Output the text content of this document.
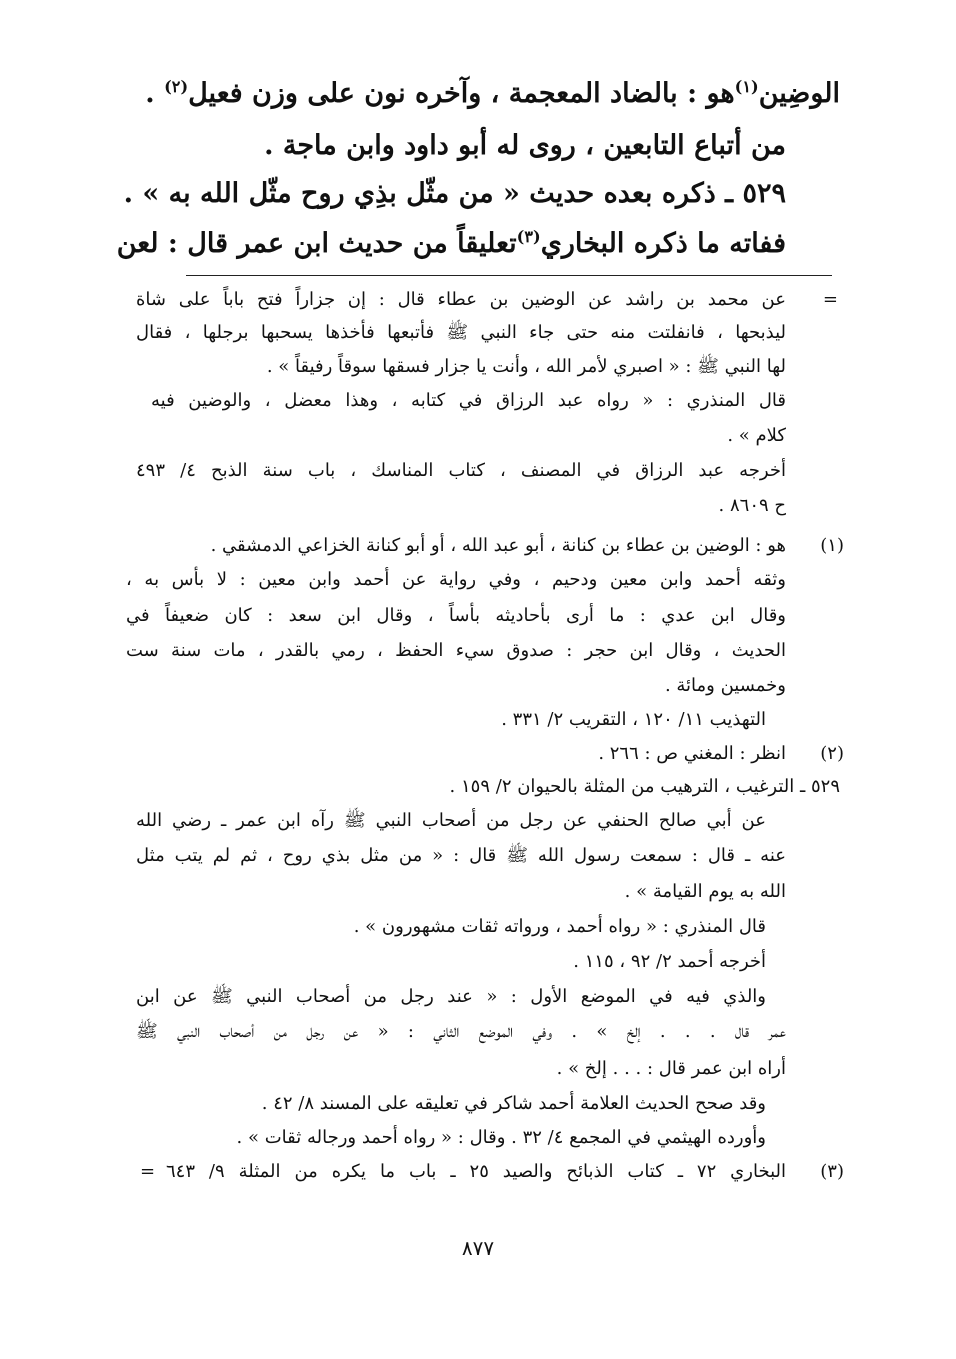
الوضِين$^{(١)}$هو : بالضاد المعجمة ، وآخره نون على وزن فعيل$^{(٢)}$ .
من أتباع التابعين ، روى له أبو داود وابن ماجة .
٥٢٩ ـ ذكره بعده حديث « من مثّل بذِي روح مثّل الله به » .
ففاته ما ذكره البخاري$^{(٣)}$تعليقاً من حديث ابن عمر قال : لعن
=
عن محمد بن راشد عن الوضين بن عطاء قال : إن جزاراً فتح باباً على شاة
ليذبحها ، فانفلتت منه حتى جاء النبي ﷺ فأتبعها فأخذها يسحبها برجلها ، فقال
لها النبي ﷺ : « اصبري لأمر الله ، وأنت يا جزار فسقها سوقاً رفيقاً » .
قال المنذري : « رواه عبد الرزاق في كتابه ، وهذا معضل ، والوضين فيه
كلام » .
أخرجه عبد الرزاق في المصنف ، كتاب المناسك ، باب سنة الذبح ٤/ ٤٩٣
ح ٨٦٠٩ .
(١)
هو : الوضين بن عطاء بن كنانة ، أبو عبد الله ، أو أبو كنانة الخزاعي الدمشقي .
وثقه أحمد وابن معين ودحيم ، وفي رواية عن أحمد وابن معين : لا بأس به ،
وقال ابن عدي : ما أرى بأحاديثه بأساً ، وقال ابن سعد : كان ضعيفاً في
الحديث ، وقال ابن حجر : صدوق سيء الحفظ ، رمي بالقدر ، مات سنة ست
وخمسين ومائة .
التهذيب ١١/ ١٢٠ ، التقريب ٢/ ٣٣١ .
(٢)
انظر : المغني ص : ٢٦٦ .
٥٢٩ ـ الترغيب ، الترهيب من المثلة بالحيوان ٢/ ١٥٩ .
عن أبي صالح الحنفي عن رجل من أصحاب النبي ﷺ رآه ابن عمر ـ رضي الله
عنه ـ قال : سمعت رسول الله ﷺ قال : « من مثل بذي روح ، ثم لم يتب مثل
الله به يوم القيامة » .
قال المنذري : « رواه أحمد ، ورواته ثقات مشهورون » .
أخرجه أحمد ٢/ ٩٢ ، ١١٥ .
والذي فيه في الموضع الأول : « عند رجل من أصحاب النبي ﷺ عن ابن
عمر قال . . . إلخ » . وفي الموضع الثاني : « عن رجل من أصحاب النبي ﷺ
أراه ابن عمر قال : . . . إلخ » .
وقد صحح الحديث العلامة أحمد شاكر في تعليقه على المسند ٨/ ٤٢ .
وأورده الهيثمي في المجمع ٤/ ٣٢ . وقال : « رواه أحمد ورجاله ثقات » .
(٣)
البخاري ٧٢ ـ كتاب الذبائح والصيد ٢٥ ـ باب ما يكره من المثلة ٩/ ٦٤٣
=
٨٧٧
